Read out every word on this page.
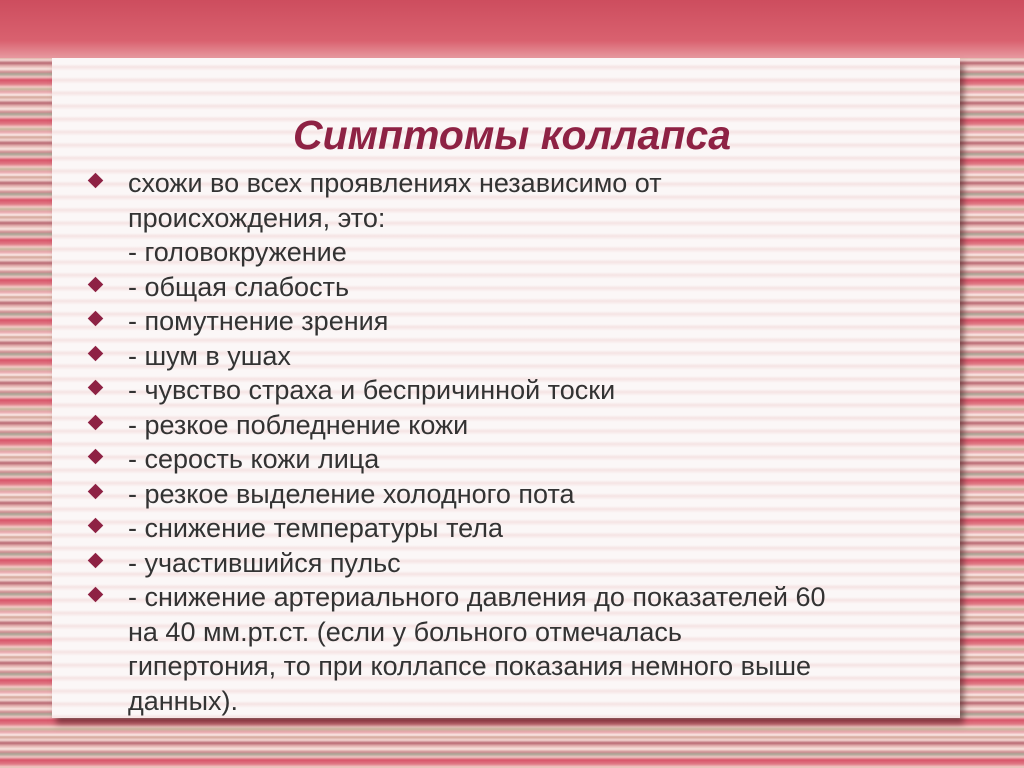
Симптомы коллапса
схожи во всех проявлениях независимо от
происхождения, это:
- головокружение
- общая слабость
- помутнение зрения
- шум в ушах
- чувство страха и беспричинной тоски
- резкое побледнение кожи
- серость кожи лица
- резкое выделение холодного пота
- снижение температуры тела
- участившийся пульс
- снижение артериального давления до показателей 60
на 40 мм.рт.ст. (если у больного отмечалась
гипертония, то при коллапсе показания немного выше
данных).
